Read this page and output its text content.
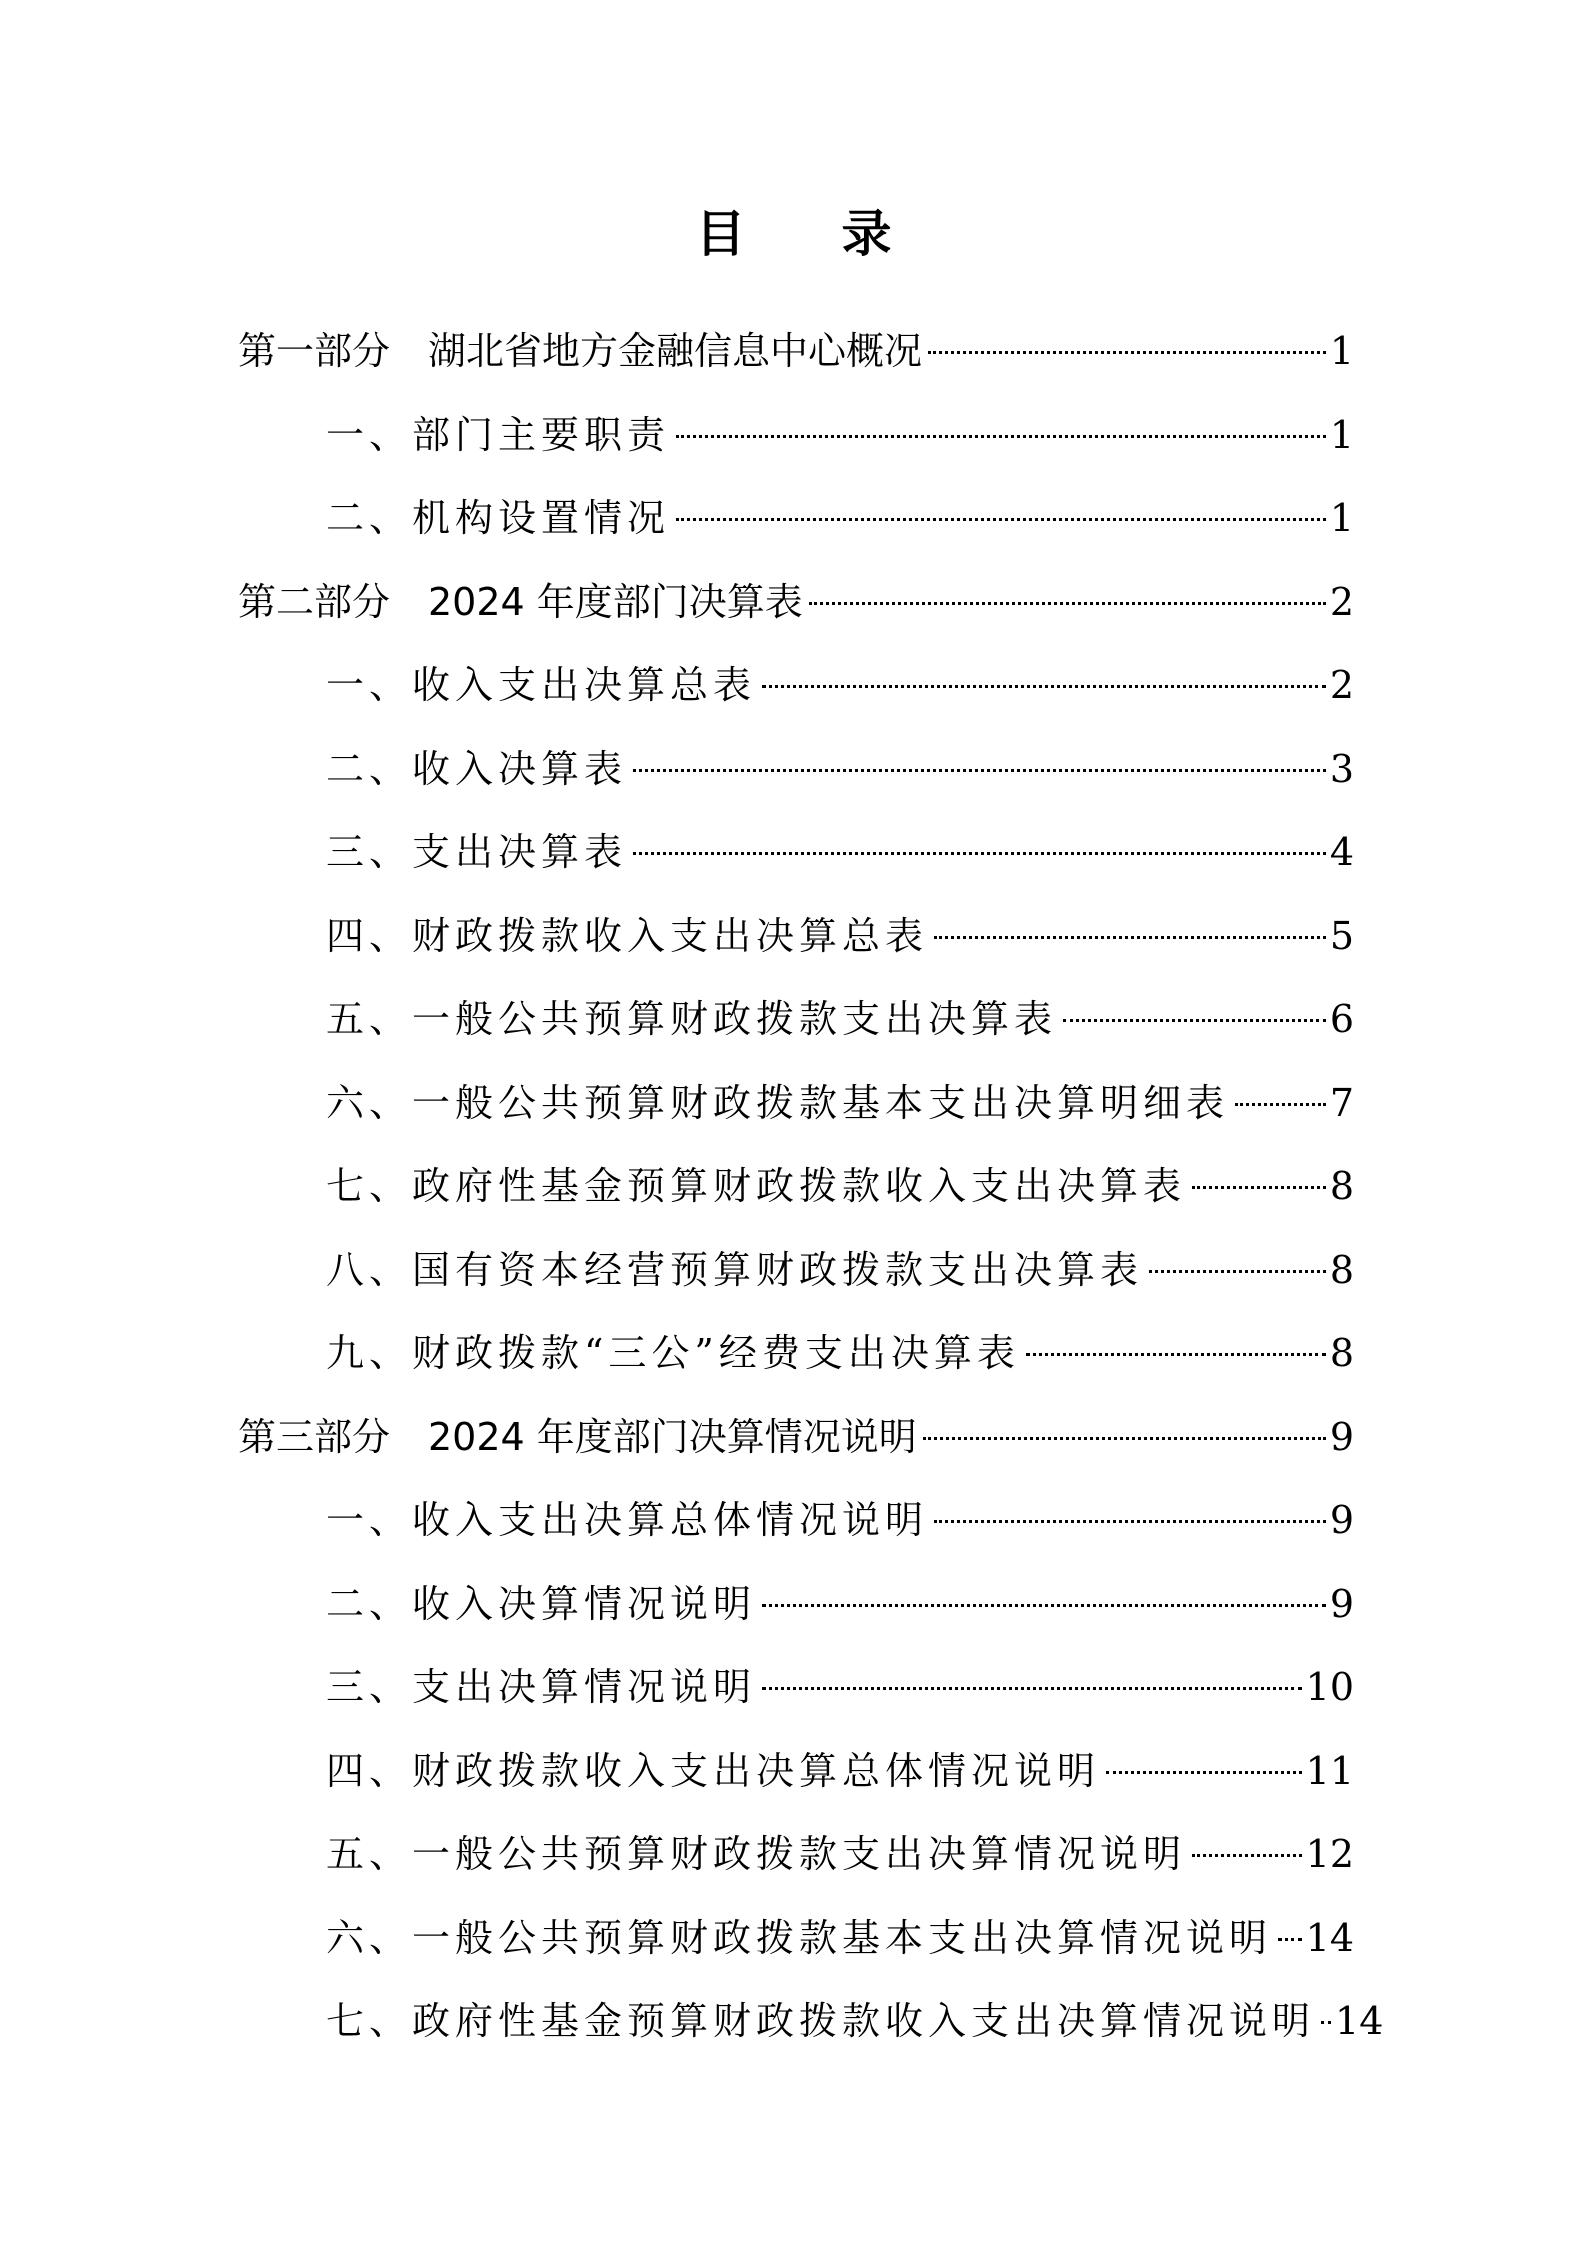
目录
第一部分　湖北省地方金融信息中心概况	1
一、部门主要职责	1
二、机构设置情况	1
第二部分　2024 年度部门决算表	2
一、收入支出决算总表	2
二、收入决算表	3
三、支出决算表	4
四、财政拨款收入支出决算总表	5
五、一般公共预算财政拨款支出决算表	6
六、一般公共预算财政拨款基本支出决算明细表	7
七、政府性基金预算财政拨款收入支出决算表	8
八、国有资本经营预算财政拨款支出决算表	8
九、财政拨款“三公”经费支出决算表	8
第三部分　2024 年度部门决算情况说明	9
一、收入支出决算总体情况说明	9
二、收入决算情况说明	9
三、支出决算情况说明	10
四、财政拨款收入支出决算总体情况说明	11
五、一般公共预算财政拨款支出决算情况说明	12
六、一般公共预算财政拨款基本支出决算情况说明 14
七、政府性基金预算财政拨款收入支出决算情况说明 14
